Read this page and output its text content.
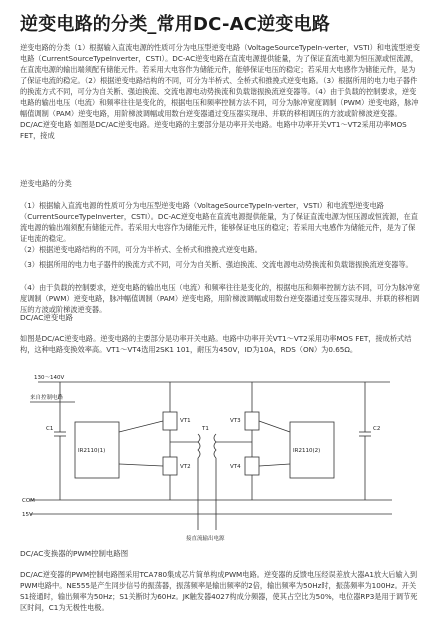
逆变电路的分类_常用DC-AC逆变电路

逆变电路的分类（1）根据输入直流电源的性质可分为电压型逆变电路（VoltageSourceTypeIn-verter，VSTI）和电流型逆变电路（CurrentSourceTypeInverter，CSTI）。DC-AC逆变电路在直流电源提供能量，为了保证直流电源为恒压源或恒流源，在直流电源的输出端须配有储能元件。若采用大电容作为储能元件，能够保证电压的稳定；若采用大电感作为储能元件，是为了保证电流的稳定。（2）根据逆变电路结构的不同，可分为半桥式、全桥式和推挽式逆变电路。（3）根据所用的电力电子器件的换流方式不同，可分为自关断、强迫换流、交流电源电动势换流和负载谐振换流逆变器等。（4）由于负载的控制要求，逆变电路的输出电压（电流）和频率往往是变化的，根据电压和频率控制方法不同，可分为脉冲宽度调制（PWM）逆变电路，脉冲幅值调制（PAM）逆变电路，用阶梯波调幅或用数台逆变器通过变压器实现串、并联的移相调压的方波或阶梯波逆变器。 DC/AC逆变电路 如图是DC/AC逆变电路。逆变电路的主要部分是功率开关电路。电路中功率开关VT1～VT2采用功率MOS FET，接成

逆变电路的分类

（1）根据输入直流电源的性质可分为电压型逆变电路（VoltageSourceTypeIn-verter，VSTI）和电流型逆变电路（CurrentSourceTypeInverter，CSTI）。DC-AC逆变电路在直流电源提供能量，为了保证直流电源为恒压源或恒流源，在直流电源的输出端须配有储能元件。若采用大电容作为储能元件，能够保证电压的稳定；若采用大电感作为储能元件，是为了保证电流的稳定。

（2）根据逆变电路结构的不同，可分为半桥式、全桥式和推挽式逆变电路。

（3）根据所用的电力电子器件的换流方式不同，可分为自关断、强迫换流、交流电源电动势换流和负载谐振换流逆变器等。

（4）由于负载的控制要求，逆变电路的输出电压（电流）和频率往往是变化的，根据电压和频率控制方法不同，可分为脉冲宽度调制（PWM）逆变电路，脉冲幅值调制（PAM）逆变电路，用阶梯波调幅或用数台逆变器通过变压器实现串、并联的移相调压的方波或阶梯波逆变器。

DC/AC逆变电路

如图是DC/AC逆变电路。逆变电路的主要部分是功率开关电路。电路中功率开关VT1～VT2采用功率MOS FET，接成桥式结构，这种电路变换效率高。VT1～VT4选用2SK1 101，耐压为450V，ID为10A，RDS（ON）为0.65Ω。

130～140V
来自控制电路
IR2110(1)	IR2110(2)
T1
VT1
VT2
VT3
VT4
C1	C2
COM
15V
接直流输出电源
DC/AC变换器的PWM控制电路图

DC/AC逆变器的PWM控制电路图采用TCA780集成芯片简单构成PWM电路。逆变器的反馈电压经误差放大器A1放大后输入到PWM电路中。NE555是产生同步信号的振荡器，振荡频率是输出频率的2倍，输出频率为50Hz时，振荡频率为100Hz。开关S1接通时，输出频率为50Hz；S1关断时为60Hz。JK触发器4027构成分频器，使其占空比为50%，电位器RP3是用于调节死区时间，C1为无极性电极。
